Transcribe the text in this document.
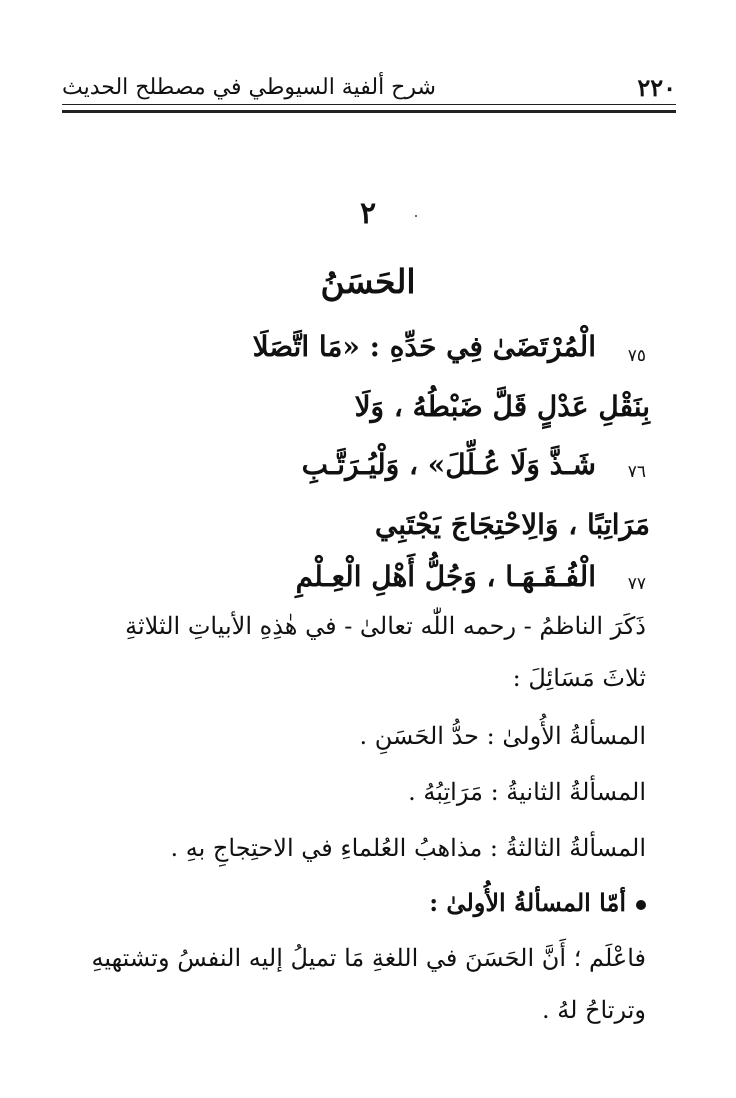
٢٢٠
شرح ألفية السيوطي في مصطلح الحديث
٢
الحَسَنُ
٧٥
الْمُرْتَضَىٰ فِي حَدِّهِ : «مَا اتَّصَلَا
بِنَقْلِ عَدْلٍ قَلَّ ضَبْطُهُ ، وَلَا
٧٦
شَـذَّ وَلَا عُـلِّلَ» ، وَلْيُـرَتَّـبِ
مَرَاتِبًا ، وَالِاحْتِجَاجَ يَجْتَبِي
٧٧
الْفُـقَـهَـا ، وَجُلُّ أَهْلِ الْعِـلْمِ
ذَكَرَ الناظمُ - رحمه اللّٰه تعالىٰ - في هٰذِهِ الأبياتِ الثلاثةِ
ثلاثَ مَسَائِلَ :
المسألةُ الأُولىٰ : حدُّ الحَسَنِ .
المسألةُ الثانيةُ : مَرَاتِبُهُ .
المسألةُ الثالثةُ : مذاهبُ العُلماءِ في الاحتِجاجِ بهِ .
أمّا المسألةُ الأُولىٰ :
فاعْلَم ؛ أَنَّ الحَسَنَ في اللغةِ مَا تميلُ إليه النفسُ وتشتهيهِ
وترتاحُ لهُ .
